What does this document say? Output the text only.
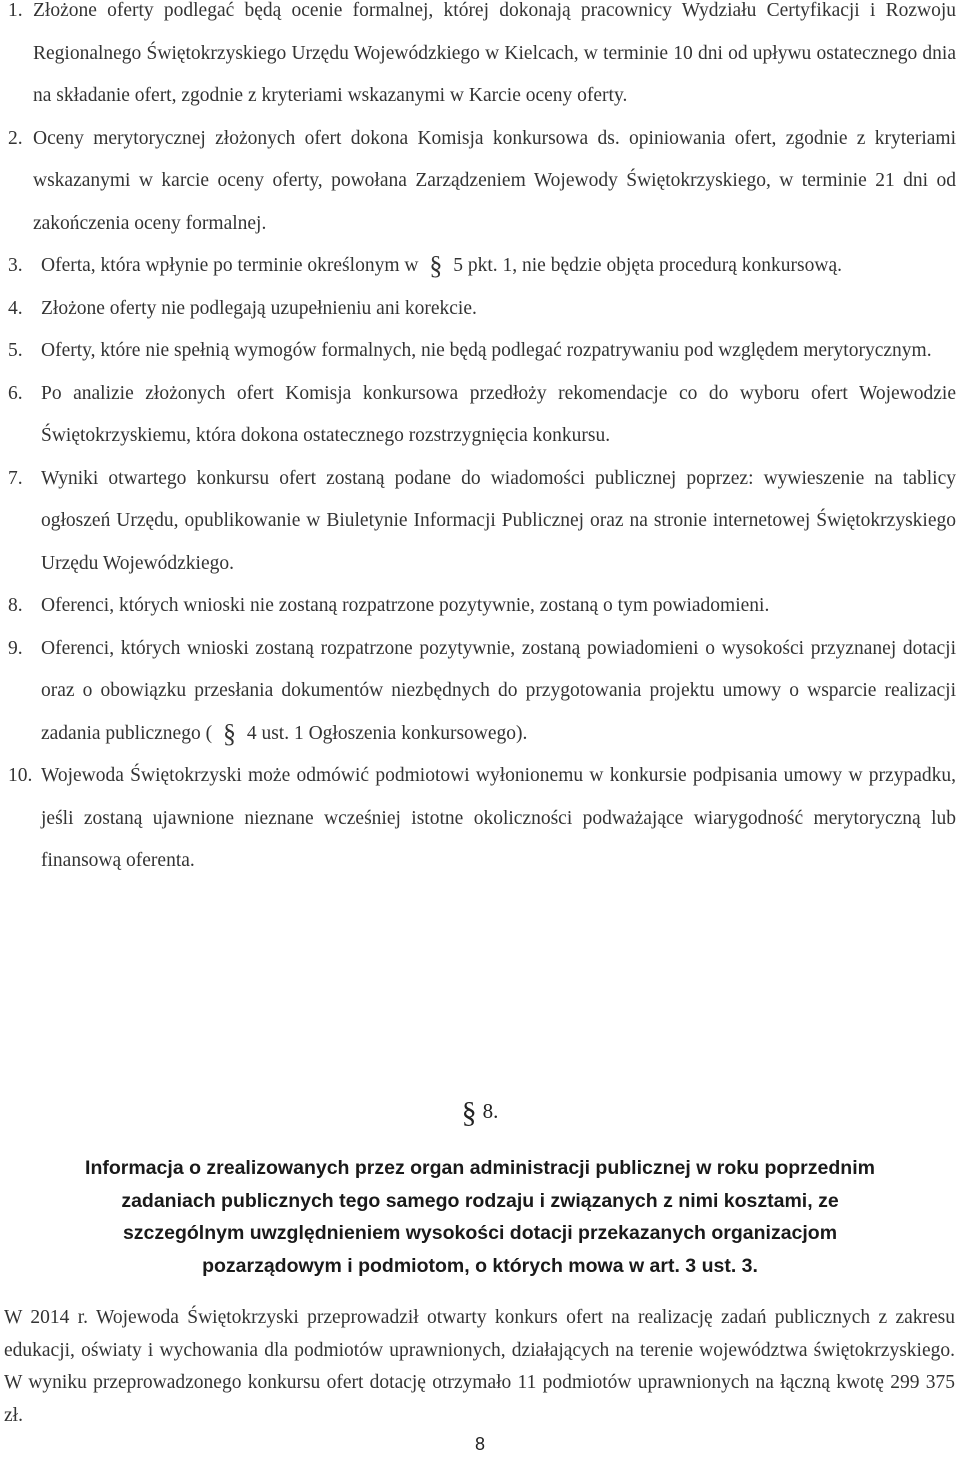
1. Złożone oferty podlegać będą ocenie formalnej, której dokonają pracownicy Wydziału Certyfikacji i Rozwoju Regionalnego Świętokrzyskiego Urzędu Wojewódzkiego w Kielcach, w terminie 10 dni od upływu ostatecznego dnia na składanie ofert, zgodnie z kryteriami wskazanymi w Karcie oceny oferty.
2. Oceny merytorycznej złożonych ofert dokona Komisja konkursowa ds. opiniowania ofert, zgodnie z kryteriami wskazanymi w karcie oceny oferty, powołana Zarządzeniem Wojewody Świętokrzyskiego, w terminie 21 dni od zakończenia oceny formalnej.
3. Oferta, która wpłynie po terminie określonym w § 5 pkt. 1, nie będzie objęta procedurą konkursową.
4. Złożone oferty nie podlegają uzupełnieniu ani korekcie.
5. Oferty, które nie spełnią wymogów formalnych, nie będą podlegać rozpatrywaniu pod względem merytorycznym.
6. Po analizie złożonych ofert Komisja konkursowa przedłoży rekomendacje co do wyboru ofert Wojewodzie Świętokrzyskiemu, która dokona ostatecznego rozstrzygnięcia konkursu.
7. Wyniki otwartego konkursu ofert zostaną podane do wiadomości publicznej poprzez: wywieszenie na tablicy ogłoszeń Urzędu, opublikowanie w Biuletynie Informacji Publicznej oraz na stronie internetowej Świętokrzyskiego Urzędu Wojewódzkiego.
8. Oferenci, których wnioski nie zostaną rozpatrzone pozytywnie, zostaną o tym powiadomieni.
9. Oferenci, których wnioski zostaną rozpatrzone pozytywnie, zostaną powiadomieni o wysokości przyznanej dotacji oraz o obowiązku przesłania dokumentów niezbędnych do przygotowania projektu umowy o wsparcie realizacji zadania publicznego ( § 4 ust. 1 Ogłoszenia konkursowego).
10. Wojewoda Świętokrzyski może odmówić podmiotowi wyłonionemu w konkursie podpisania umowy w przypadku, jeśli zostaną ujawnione nieznane wcześniej istotne okoliczności podważające wiarygodność merytoryczną lub finansową oferenta.
§ 8.
Informacja o zrealizowanych przez organ administracji publicznej w roku poprzednim
zadaniach publicznych tego samego rodzaju i związanych z nimi kosztami, ze
szczególnym uwzględnieniem wysokości dotacji przekazanych organizacjom
pozarządowym i podmiotom, o których mowa w art. 3 ust. 3.
W 2014 r. Wojewoda Świętokrzyski przeprowadził otwarty konkurs ofert na realizację zadań publicznych z zakresu edukacji, oświaty i wychowania dla podmiotów uprawnionych, działających na terenie województwa świętokrzyskiego. W wyniku przeprowadzonego konkursu ofert dotację otrzymało 11 podmiotów uprawnionych na łączną kwotę 299 375 zł.
8
